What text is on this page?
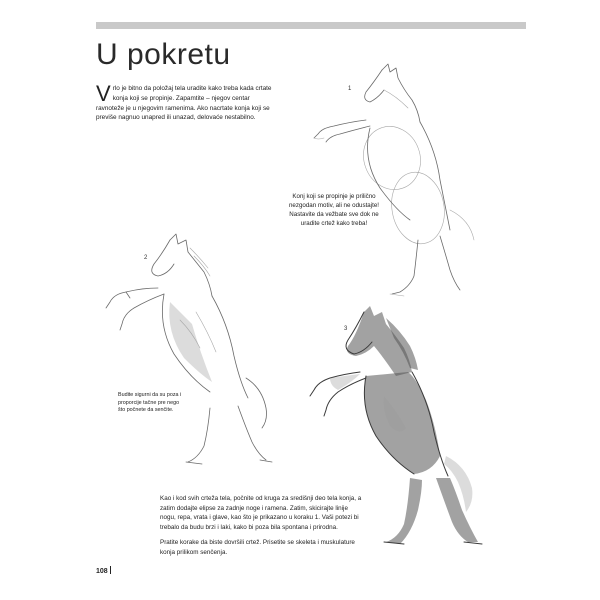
U pokretu

Vrlo je bitno da položaj tela uradite kako treba kada crtate konja koji se propinje. Zapamtite – njegov centar ravnoteže je u njegovim ramenima. Ako nacrtate konja koji se previše nagnuo unapred ili unazad, delovaće nestabilno.

1

Konj koji se propinje je prilično nezgodan motiv, ali ne odustajte! Nastavite da vežbate sve dok ne uradite crtež kako treba!

2

Budite sigurni da su poza i proporcije tačne pre nego što počnete da senčite.

3

Kao i kod svih crteža tela, počnite od kruga za središnji deo tela konja, a zatim dodajte elipse za zadnje noge i ramena. Zatim, skicirajte linije nogu, repa, vrata i glave, kao što je prikazano u koraku 1. Vaši potezi bi trebalo da budu brzi i laki, kako bi poza bila spontana i prirodna.

Pratite korake da biste dovršili crtež. Prisetite se skeleta i muskulature konja prilikom senčenja.

108
